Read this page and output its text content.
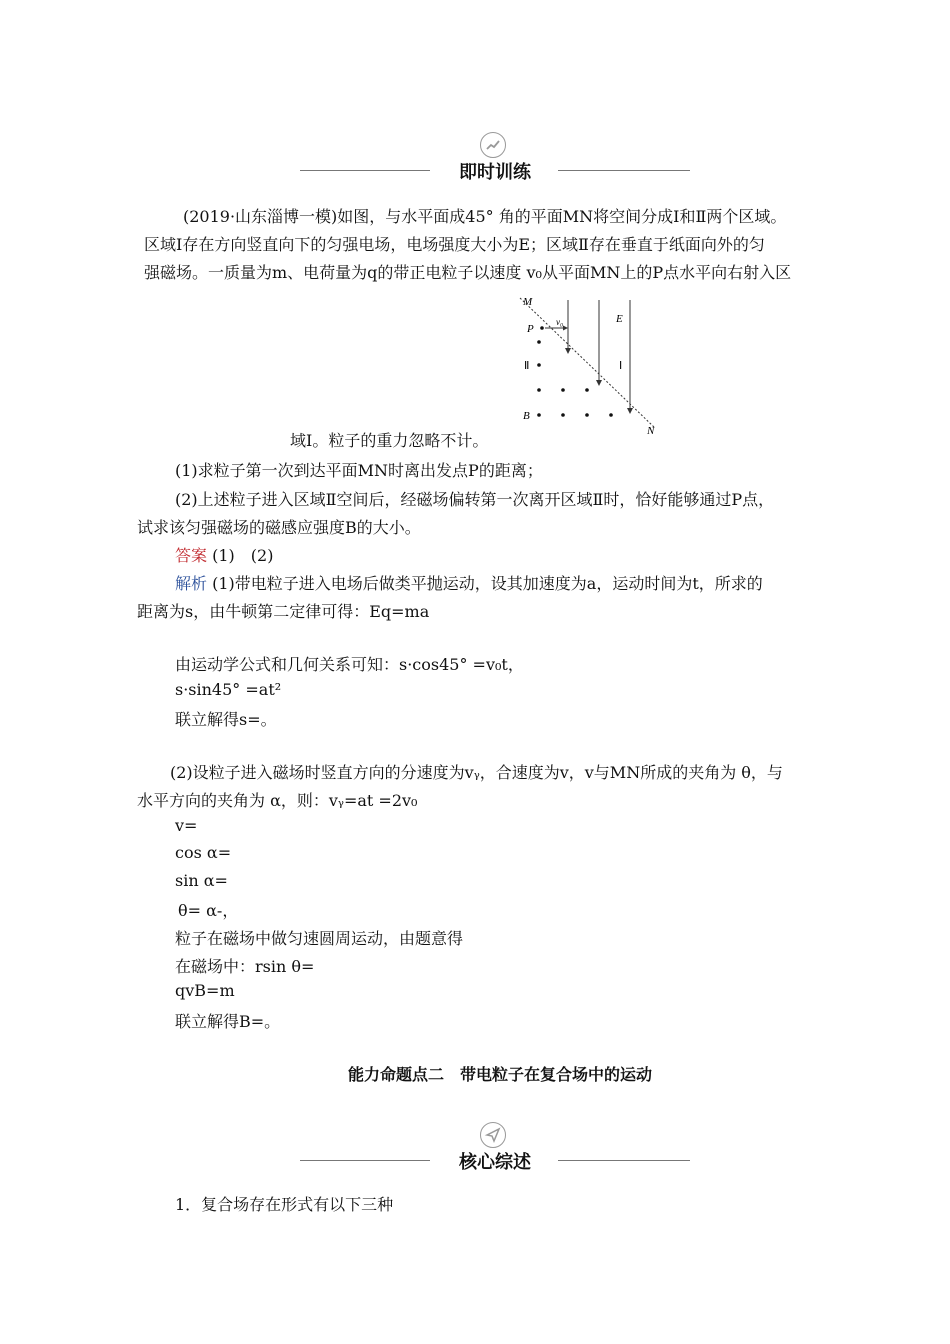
即时训练
(2019·山东淄博一模)如图，与水平面成45° 角的平面MN将空间分成Ⅰ和Ⅱ两个区域。
区域Ⅰ存在方向竖直向下的匀强电场，电场强度大小为E；区域Ⅱ存在垂直于纸面向外的匀
强磁场。一质量为m、电荷量为q的带正电粒子以速度 v₀从平面MN上的P点水平向右射入区
M
P
v₀	E
Ⅱ	Ⅰ
B
N
域Ⅰ。粒子的重力忽略不计。
(1)求粒子第一次到达平面MN时离出发点P的距离；
(2)上述粒子进入区域Ⅱ空间后，经磁场偏转第一次离开区域Ⅱ时，恰好能够通过P点，
试求该匀强磁场的磁感应强度B的大小。
答案 (1)　(2)
解析 (1)带电粒子进入电场后做类平抛运动，设其加速度为a，运动时间为t，所求的
距离为s，由牛顿第二定律可得：Eq=ma
由运动学公式和几何关系可知：s·cos45° =v₀t，
s·sin45° =at²
联立解得s=。
(2)设粒子进入磁场时竖直方向的分速度为vᵧ，合速度为v，v与MN所成的夹角为 θ，与
水平方向的夹角为 α，则：vᵧ=at =2v₀
v=
cos α=
sin α=
θ= α-，
粒子在磁场中做匀速圆周运动，由题意得
在磁场中：rsin θ=
qvB=m
联立解得B=。
能力命题点二　带电粒子在复合场中的运动
核心综述
1．复合场存在形式有以下三种
